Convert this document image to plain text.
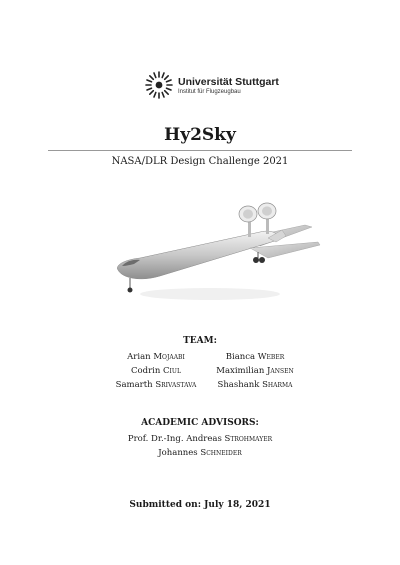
Universität Stuttgart
Institut für Flugzeugbau
Hy2Sky
NASA/DLR Design Challenge 2021
TEAM:
Arian Mojaabi	Bianca Weber
Codrin Ciul	Maximilian Jansen
Samarth Srivastava	Shashank Sharma
ACADEMIC ADVISORS:
Prof. Dr.-Ing. Andreas Strohmayer
Johannes Schneider
Submitted on: July 18, 2021
